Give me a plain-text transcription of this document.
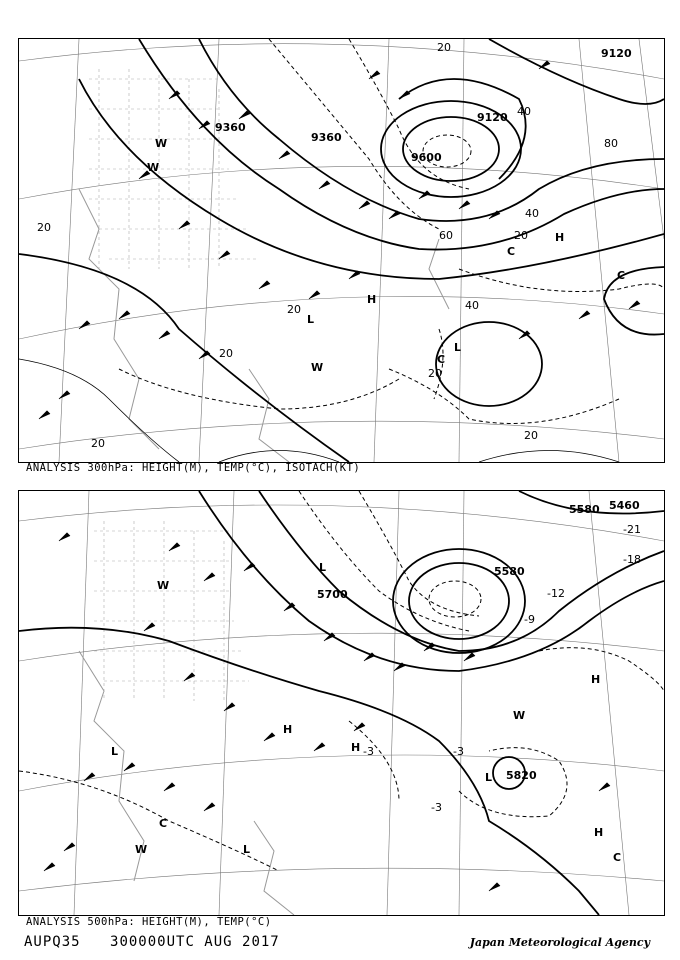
9120
9120
9360
9600
9360
20
40
60
80
20
40
20
20
20
20
20
20
40
H
H
L
L
C
C
C
W
W
W
ANALYSIS 300hPa: HEIGHT(M), TEMP(°C), ISOTACH(KT)
5460
5580
5580
5700
5820
-21
-18
-12
-9
-3
-3
-3
H
H
H
H
L
L
L
L
C
C
W
W
W
ANALYSIS 500hPa: HEIGHT(M), TEMP(°C)
AUPQ35 300000UTC AUG 2017	Japan Meteorological Agency
